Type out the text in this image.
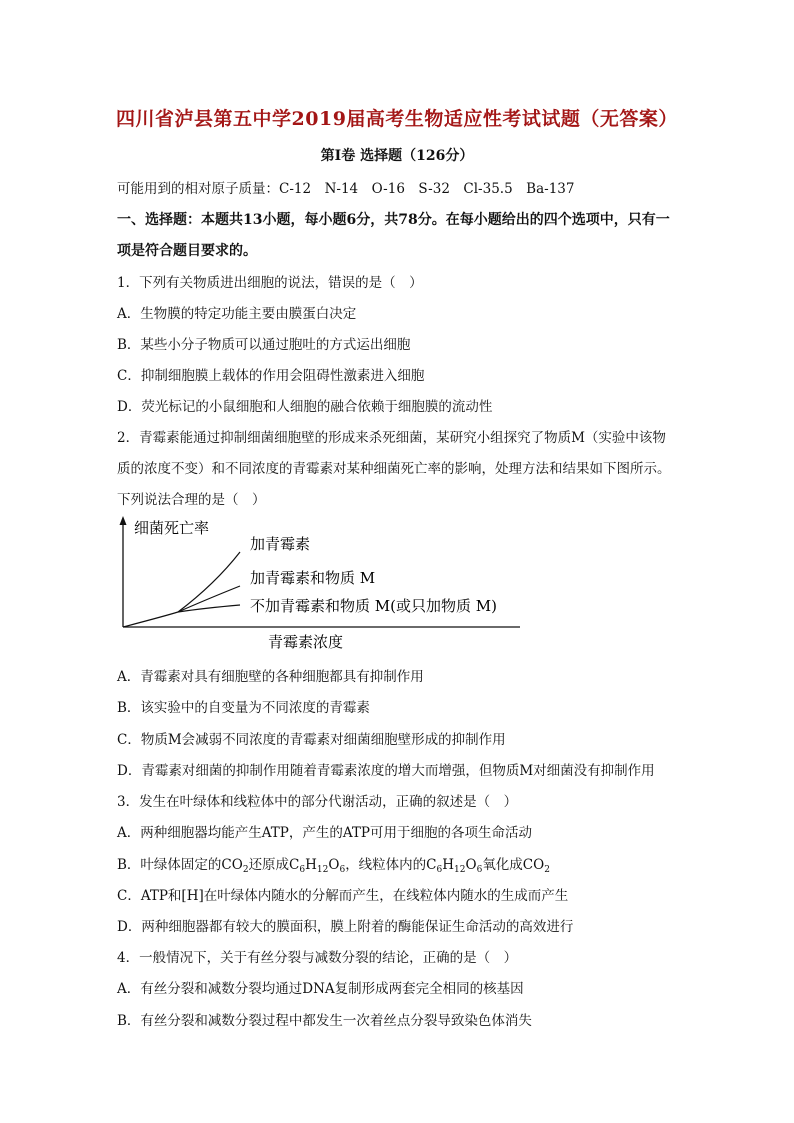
四川省泸县第五中学2019届高考生物适应性考试试题（无答案）
第Ⅰ卷 选择题（126分）
可能用到的相对原子质量：C-12　N-14　O-16　S-32　Cl-35.5　Ba-137
一、选择题：本题共13小题，每小题6分，共78分。在每小题给出的四个选项中，只有一
项是符合题目要求的。
1．下列有关物质进出细胞的说法，错误的是（　）
A．生物膜的特定功能主要由膜蛋白决定
B．某些小分子物质可以通过胞吐的方式运出细胞
C．抑制细胞膜上载体的作用会阻碍性激素进入细胞
D．荧光标记的小鼠细胞和人细胞的融合依赖于细胞膜的流动性
2．青霉素能通过抑制细菌细胞壁的形成来杀死细菌，某研究小组探究了物质M（实验中该物
质的浓度不变）和不同浓度的青霉素对某种细菌死亡率的影响，处理方法和结果如下图所示。
下列说法合理的是（　）
细菌死亡率
青霉素浓度
加青霉素
加青霉素和物质 M
不加青霉素和物质 M(或只加物质 M)
A．青霉素对具有细胞壁的各种细胞都具有抑制作用
B．该实验中的自变量为不同浓度的青霉素
C．物质M会减弱不同浓度的青霉素对细菌细胞壁形成的抑制作用
D．青霉素对细菌的抑制作用随着青霉素浓度的增大而增强，但物质M对细菌没有抑制作用
3．发生在叶绿体和线粒体中的部分代谢活动，正确的叙述是（　）
A．两种细胞器均能产生ATP，产生的ATP可用于细胞的各项生命活动
B．叶绿体固定的$CO_2$还原成$C_6H_{12}O_6$，线粒体内的$C_6H_{12}O_6$氧化成$CO_2$
C．ATP和[H]在叶绿体内随水的分解而产生，在线粒体内随水的生成而产生
D．两种细胞器都有较大的膜面积，膜上附着的酶能保证生命活动的高效进行
4．一般情况下，关于有丝分裂与减数分裂的结论，正确的是（　）
A．有丝分裂和减数分裂均通过DNA复制形成两套完全相同的核基因
B．有丝分裂和减数分裂过程中都发生一次着丝点分裂导致染色体消失
